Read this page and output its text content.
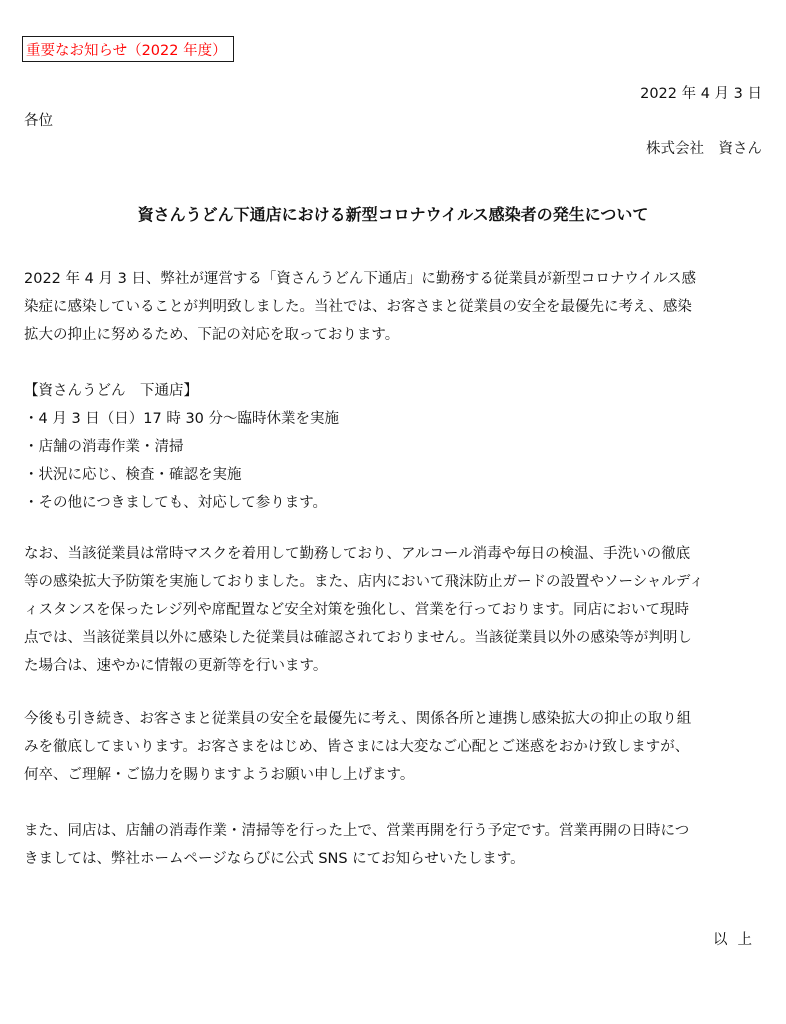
重要なお知らせ（2022 年度）
2022 年 4 月 3 日
各位
株式会社　資さん
資さんうどん下通店における新型コロナウイルス感染者の発生について
2022 年 4 月 3 日、弊社が運営する「資さんうどん下通店」に勤務する従業員が新型コロナウイルス感
染症に感染していることが判明致しました。当社では、お客さまと従業員の安全を最優先に考え、感染
拡大の抑止に努めるため、下記の対応を取っております。
【資さんうどん　下通店】
・4 月 3 日（日）17 時 30 分〜臨時休業を実施
・店舗の消毒作業・清掃
・状況に応じ、検査・確認を実施
・その他につきましても、対応して参ります。
なお、当該従業員は常時マスクを着用して勤務しており、アルコール消毒や毎日の検温、手洗いの徹底
等の感染拡大予防策を実施しておりました。また、店内において飛沫防止ガードの設置やソーシャルディ
ィスタンスを保ったレジ列や席配置など安全対策を強化し、営業を行っております。同店において現時
点では、当該従業員以外に感染した従業員は確認されておりません。当該従業員以外の感染等が判明し
た場合は、速やかに情報の更新等を行います。
今後も引き続き、お客さまと従業員の安全を最優先に考え、関係各所と連携し感染拡大の抑止の取り組
みを徹底してまいります。お客さまをはじめ、皆さまには大変なご心配とご迷惑をおかけ致しますが、
何卒、ご理解・ご協力を賜りますようお願い申し上げます。
また、同店は、店舗の消毒作業・清掃等を行った上で、営業再開を行う予定です。営業再開の日時につ
きましては、弊社ホームページならびに公式 SNS にてお知らせいたします。
以上
